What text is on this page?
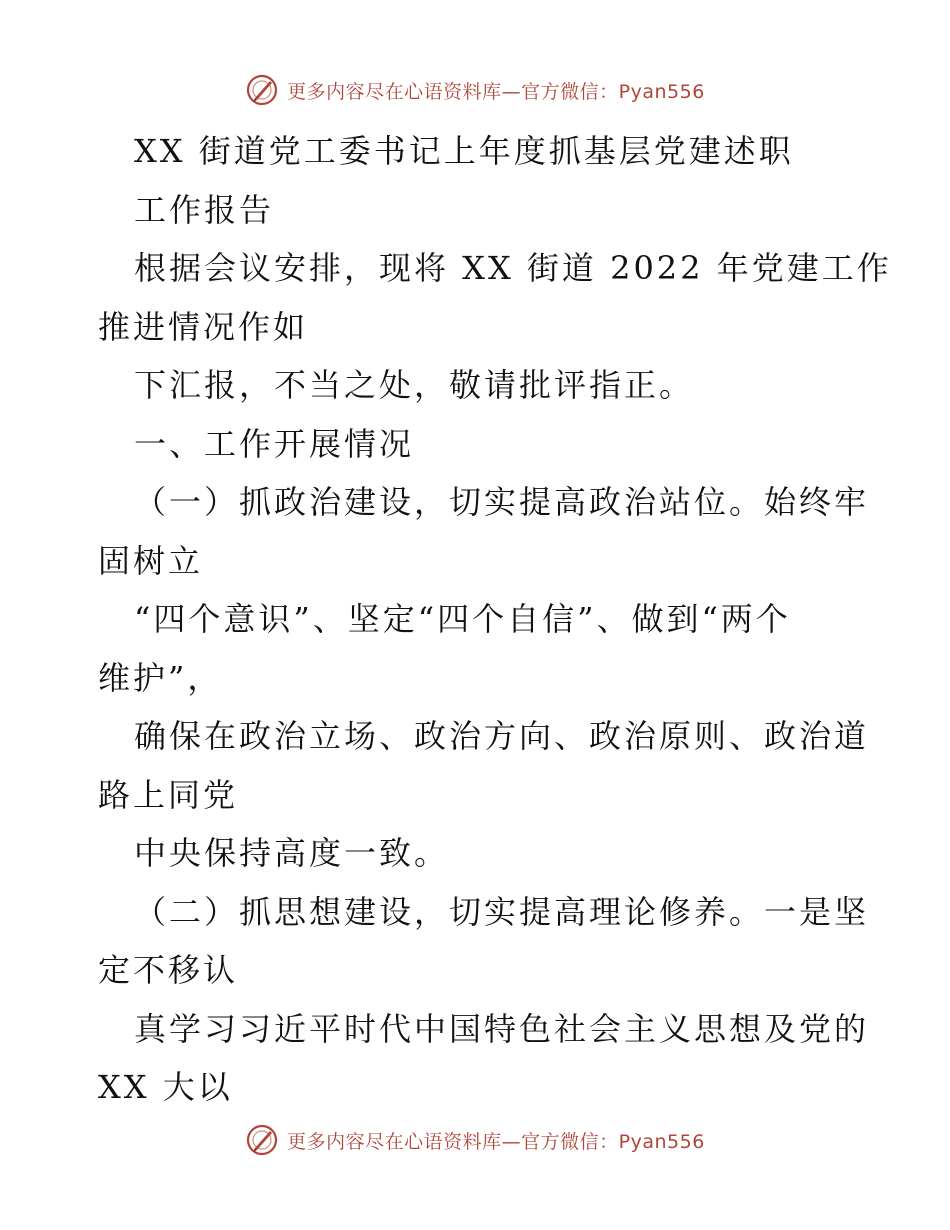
更多内容尽在心语资料库—官方微信：Pyan556
XX 街道党工委书记上年度抓基层党建述职
工作报告
根据会议安排，现将 XX 街道 2022 年党建工作
推进情况作如
下汇报，不当之处，敬请批评指正。
一、工作开展情况
（一）抓政治建设，切实提高政治站位。始终牢
固树立
“四个意识”、坚定“四个自信”、做到“两个
维护”，
确保在政治立场、政治方向、政治原则、政治道
路上同党
中央保持高度一致。
（二）抓思想建设，切实提高理论修养。一是坚
定不移认
真学习习近平时代中国特色社会主义思想及党的
XX 大以
更多内容尽在心语资料库—官方微信：Pyan556
